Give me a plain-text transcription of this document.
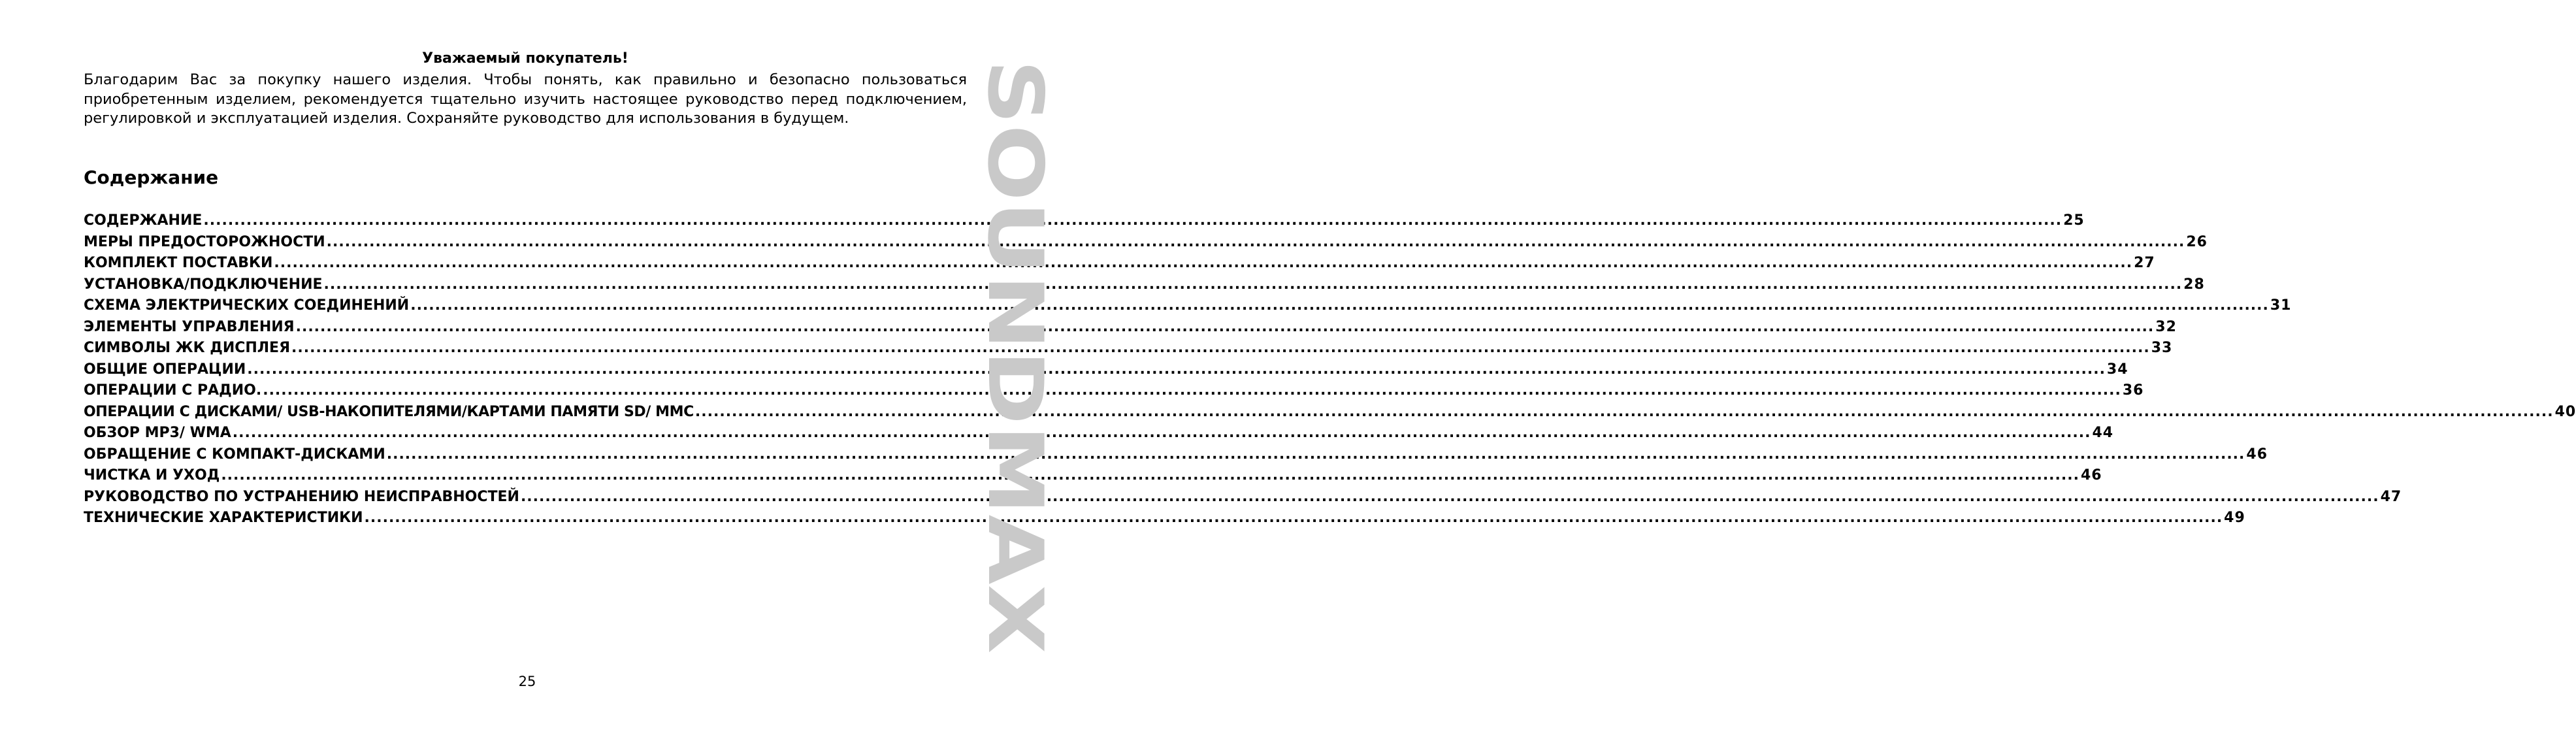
Уважаемый покупатель!
Благодарим Вас за покупку нашего изделия. Чтобы понять, как правильно и безопасно пользоваться приобретенным изделием, рекомендуется тщательно изучить настоящее руководство перед подключением, регулировкой и эксплуатацией изделия. Сохраняйте руководство для использования в будущем.
Содержание
СОДЕРЖАНИЕ .....	25
МЕРЫ ПРЕДОСТОРОЖНОСТИ .....	26
КОМПЛЕКТ ПОСТАВКИ .....	27
УСТАНОВКА/ПОДКЛЮЧЕНИЕ .....	28
СХЕМА ЭЛЕКТРИЧЕСКИХ СОЕДИНЕНИЙ .....	31
ЭЛЕМЕНТЫ УПРАВЛЕНИЯ .....	32
СИМВОЛЫ ЖК ДИСПЛЕЯ .....	33
ОБЩИЕ ОПЕРАЦИИ .....	34
ОПЕРАЦИИ С РАДИО. .....	36
ОПЕРАЦИИ С ДИСКАМИ/ USB-НАКОПИТЕЛЯМИ/КАРТАМИ ПАМЯТИ SD/ MMC .....	40
ОБЗОР MP3/ WMA .....	44
ОБРАЩЕНИЕ С КОМПАКТ-ДИСКАМИ .....	46
ЧИСТКА И УХОД .....	46
РУКОВОДСТВО ПО УСТРАНЕНИЮ НЕИСПРАВНОСТЕЙ .....	47
ТЕХНИЧЕСКИЕ ХАРАКТЕРИСТИКИ .....	49
25
SOUNDMAX
